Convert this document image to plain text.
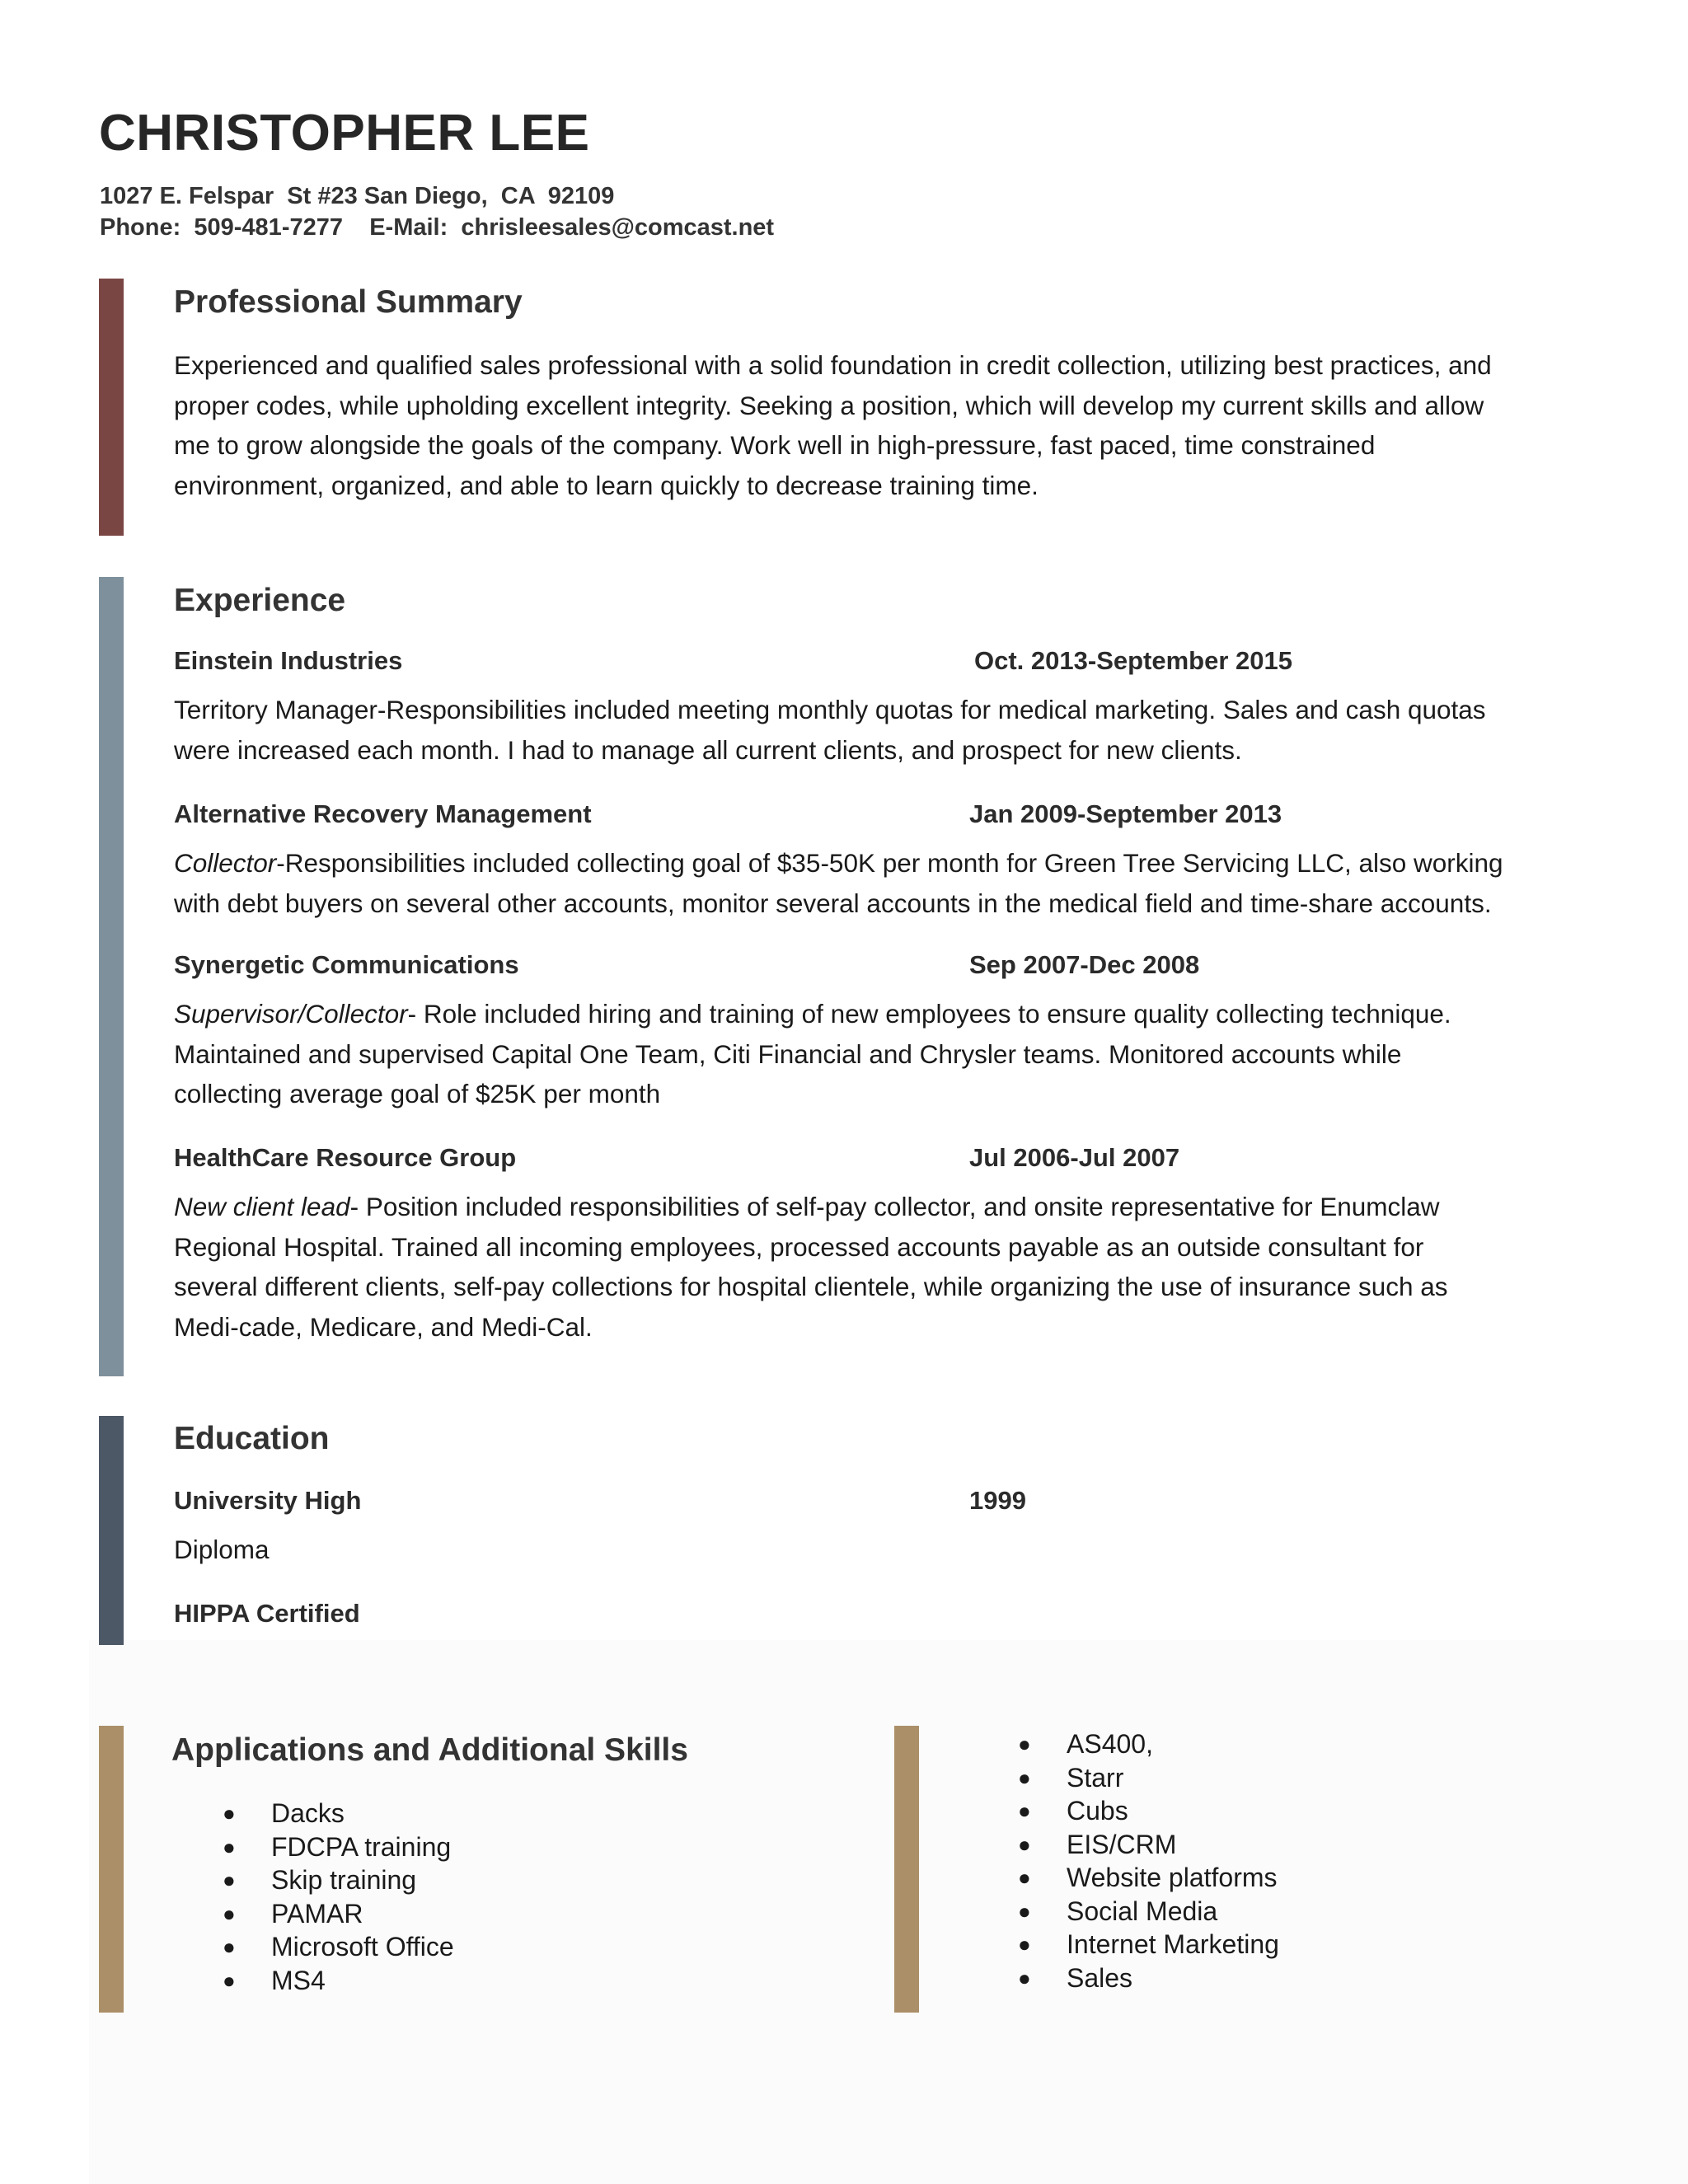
CHRISTOPHER LEE
1027 E. Felspar  St #23 San Diego,  CA  92109
Phone:  509-481-7277    E-Mail:  chrisleesales@comcast.net
Professional Summary
Experienced and qualified sales professional with a solid foundation in credit collection, utilizing best practices, and
proper codes, while upholding excellent integrity. Seeking a position, which will develop my current skills and allow
me to grow alongside the goals of the company. Work well in high-pressure, fast paced, time constrained
environment, organized, and able to learn quickly to decrease training time.
Experience
Einstein Industries	Oct. 2013-September 2015
Territory Manager-Responsibilities included meeting monthly quotas for medical marketing. Sales and cash quotas
were increased each month. I had to manage all current clients, and prospect for new clients.
Alternative Recovery Management	Jan 2009-September 2013
Collector-Responsibilities included collecting goal of $35-50K per month for Green Tree Servicing LLC, also working
with debt buyers on several other accounts, monitor several accounts in the medical field and time-share accounts.
Synergetic Communications	Sep 2007-Dec 2008
Supervisor/Collector- Role included hiring and training of new employees to ensure quality collecting technique.
Maintained and supervised Capital One Team, Citi Financial and Chrysler teams. Monitored accounts while
collecting average goal of $25K per month
HealthCare Resource Group	Jul 2006-Jul 2007
New client lead- Position included responsibilities of self-pay collector, and onsite representative for Enumclaw
Regional Hospital. Trained all incoming employees, processed accounts payable as an outside consultant for
several different clients, self-pay collections for hospital clientele, while organizing the use of insurance such as
Medi-cade, Medicare, and Medi-Cal.
Education
University High	1999
Diploma
HIPPA Certified
Applications and Additional Skills
● Dacks
● FDCPA training
● Skip training
● PAMAR
● Microsoft Office
● MS4
● AS400,
● Starr
● Cubs
● EIS/CRM
● Website platforms
● Social Media
● Internet Marketing
● Sales
